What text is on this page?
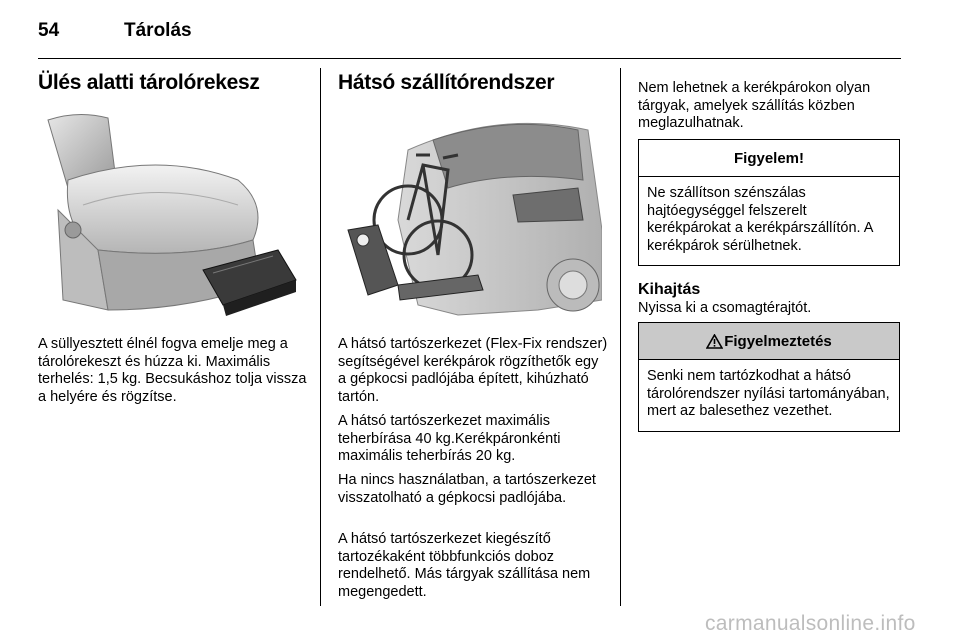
54	Tárolás
Ülés alatti tárolórekesz

A süllyesztett élnél fogva emelje meg a tárolórekeszt és húzza ki. Maximális terhelés: 1,5 kg. Becsukáshoz tolja vissza a helyére és rögzítse.

Hátsó szállítórendszer

A hátsó tartószerkezet (Flex-Fix rendszer) segítségével kerékpárok rögzíthetők egy a gépkocsi padlójába épített, kihúzható tartón.

A hátsó tartószerkezet maximális teherbírása 40 kg.Kerékpáronkénti maximális teherbírás 20 kg.

Ha nincs használatban, a tartószerkezet visszatolható a gépkocsi padlójába.

A hátsó tartószerkezet kiegészítő tartozékaként többfunkciós doboz rendelhető. Más tárgyak szállítása nem megengedett.

Nem lehetnek a kerékpárokon olyan tárgyak, amelyek szállítás közben meglazulhatnak.

Figyelem!
Ne szállítson szénszálas hajtóegységgel felszerelt kerékpárokat a kerékpárszállítón. A kerékpárok sérülhetnek.
Kihajtás

Nyissa ki a csomagtérajtót.

Figyelmeztetés
Senki nem tartózkodhat a hátsó tárolórendszer nyílási tartományában, mert az balesethez vezethet.
carmanualsonline.info
